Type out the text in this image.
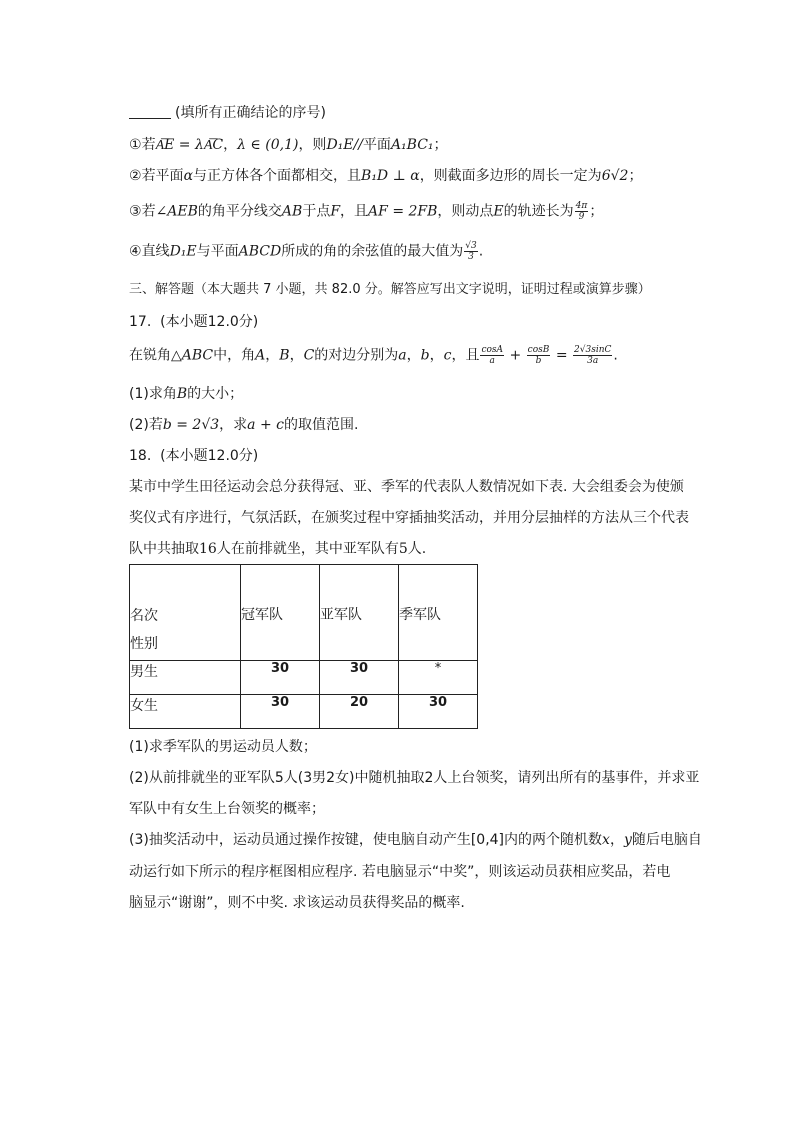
(填所有正确结论的序号)
①若A͞E = λA͞C，λ ∈ (0,1)，则D₁E//平面A₁BC₁；
②若平面α与正方体各个面都相交，且B₁D ⊥ α，则截面多边形的周长一定为6√2；
③若∠AEB的角平分线交AB于点F，且AF = 2FB，则动点E的轨迹长为 $\frac{4\pi}{9}$ ；
④直线D₁E与平面ABCD所成的角的余弦值的最大值为 $\frac{√3}{3}$ .
三、解答题（本大题共 7 小题，共 82.0 分。解答应写出文字说明，证明过程或演算步骤）
17. (本小题12.0分)
在锐角△ABC中，角A，B，C的对边分别为a，b，c，且 $\frac{\cos A}{a} + \frac{\cos B}{b} = \frac{2√3\sin C}{3a}$ .
(1)求角B的大小；
(2)若b = 2√3，求a + c的取值范围.
18. (本小题12.0分)
某市中学生田径运动会总分获得冠、亚、季军的代表队人数情况如下表. 大会组委会为使颁
奖仪式有序进行，气氛活跃，在颁奖过程中穿插抽奖活动，并用分层抽样的方法从三个代表
队中共抽取16人在前排就坐，其中亚军队有5人.
名次
性别	冠军队	亚军队	季军队

男生	30	30	*
女生	30	20	30
(1)求季军队的男运动员人数；
(2)从前排就坐的亚军队5人(3男2女)中随机抽取2人上台领奖，请列出所有的基事件，并求亚
军队中有女生上台领奖的概率；
(3)抽奖活动中，运动员通过操作按键，使电脑自动产生[0,4]内的两个随机数x，y随后电脑自
动运行如下所示的程序框图相应程序. 若电脑显示“中奖”，则该运动员获相应奖品，若电
脑显示“谢谢”，则不中奖. 求该运动员获得奖品的概率.
